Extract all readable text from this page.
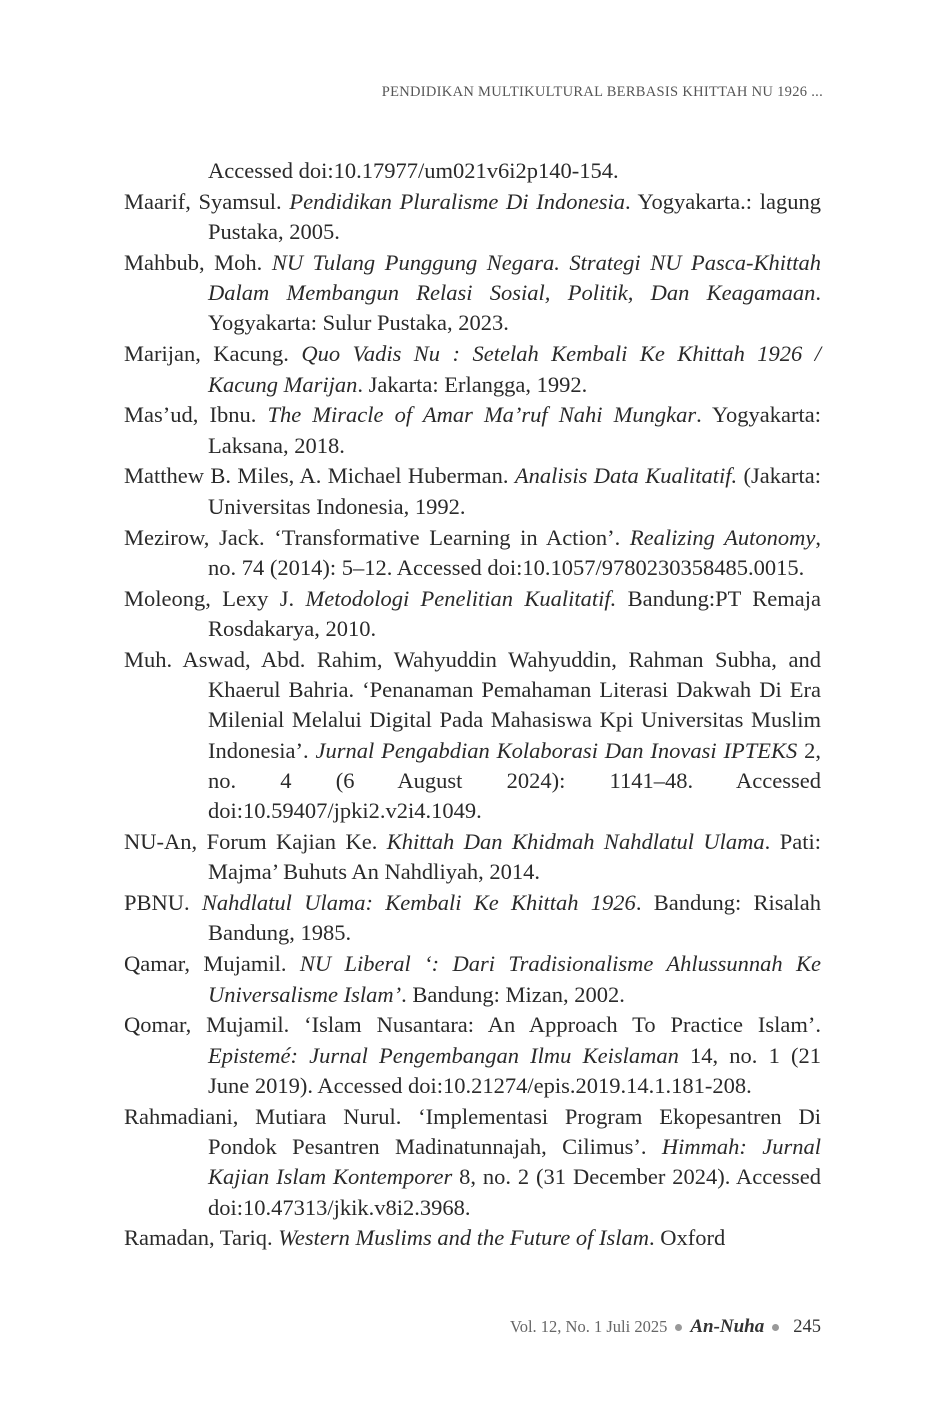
PENDIDIKAN MULTIKULTURAL BERBASIS KHITTAH NU 1926 ...

Accessed doi:10.17977/um021v6i2p140-154.

Maarif, Syamsul. Pendidikan Pluralisme Di Indonesia. Yogyakarta.: lagung Pustaka, 2005.

Mahbub, Moh. NU Tulang Punggung Negara. Strategi NU Pasca-Khittah Dalam Membangun Relasi Sosial, Politik, Dan Keagamaan. Yogyakarta: Sulur Pustaka, 2023.

Marijan, Kacung. Quo Vadis Nu : Setelah Kembali Ke Khittah 1926 / Kacung Marijan. Jakarta: Erlangga, 1992.

Mas’ud, Ibnu. The Miracle of Amar Ma’ruf Nahi Mungkar. Yogyakarta: Laksana, 2018.

Matthew B. Miles, A. Michael Huberman. Analisis Data Kualitatif. (Jakarta: Universitas Indonesia, 1992.

Mezirow, Jack. ‘Transformative Learning in Action’. Realizing Autonomy, no. 74 (2014): 5–12. Accessed doi:10.1057/9780230358485.0015.

Moleong, Lexy J. Metodologi Penelitian Kualitatif. Bandung:PT Remaja Rosdakarya, 2010.

Muh. Aswad, Abd. Rahim, Wahyuddin Wahyuddin, Rahman Subha, and Khaerul Bahria. ‘Penanaman Pemahaman Literasi Dakwah Di Era Milenial Melalui Digital Pada Mahasiswa Kpi Universitas Muslim Indonesia’. Jurnal Pengabdian Kolaborasi Dan Inovasi IPTEKS 2, no. 4 (6 August 2024): 1141–48. Accessed doi:10.59407/jpki2.v2i4.1049.

NU-An, Forum Kajian Ke. Khittah Dan Khidmah Nahdlatul Ulama. Pati: Majma’ Buhuts An Nahdliyah, 2014.

PBNU. Nahdlatul Ulama: Kembali Ke Khittah 1926. Bandung: Risalah Bandung, 1985.

Qamar, Mujamil. NU Liberal ‘: Dari Tradisionalisme Ahlussunnah Ke Universalisme Islam’. Bandung: Mizan, 2002.

Qomar, Mujamil. ‘Islam Nusantara: An Approach To Practice Islam’. Epistemé: Jurnal Pengembangan Ilmu Keislaman 14, no. 1 (21 June 2019). Accessed doi:10.21274/epis.2019.14.1.181-208.

Rahmadiani, Mutiara Nurul. ‘Implementasi Program Ekopesantren Di Pondok Pesantren Madinatunnajah, Cilimus’. Himmah: Jurnal Kajian Islam Kontemporer 8, no. 2 (31 December 2024). Accessed doi:10.47313/jkik.v8i2.3968.

Ramadan, Tariq. Western Muslims and the Future of Islam. Oxford

Vol. 12, No. 1 Juli 2025 An-Nuha 245
